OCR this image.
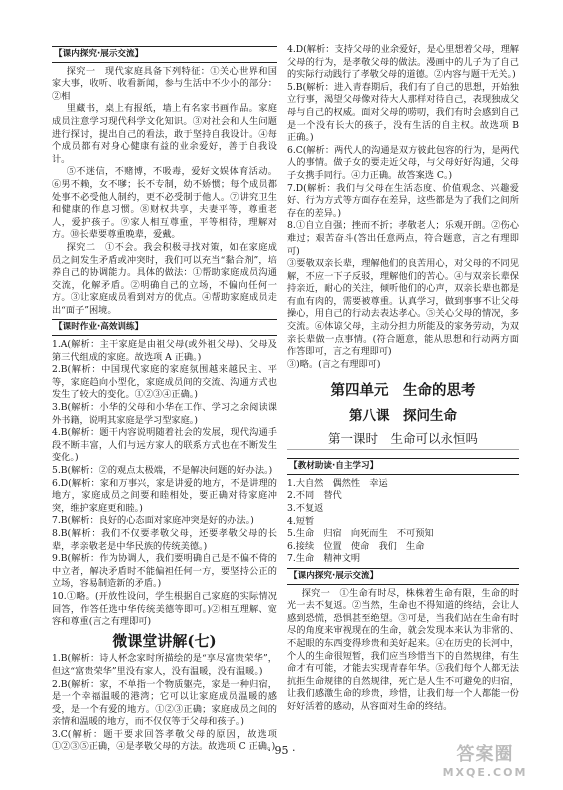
【课内探究·展示交流】

探究一　现代家庭具备下列特征：①关心世界和国家大事，收听、收看新闻，参与生活中不少小的部分：②相

里藏书，桌上有报纸，墙上有名家书画作品。家庭成员注意学习现代科学文化知识。③对社会和人生问题进行探讨，提出自己的看法，敢于坚持自我设计。④每个成员都有对身心健康有益的业余爱好，善于自我设计。

⑤不迷信，不赌博，不吸毒，爱好文娱体育活动。⑥男不赖，女不嗲；长不专制，幼不娇惯；每个成员都处事不必受他人制约，更不必受制于他人。⑦讲究卫生和健康的作息习惯。⑧财权共享，夫妻平等，尊重老人，爱护孩子。⑨家人相互尊重，平等相待，理解对方。⑩长辈要尊重晚辈，爱戴。

探究二　①不会。我会积极寻找对策，如在家庭成员之间发生矛盾或冲突时，我们可以充当“黏合剂”，培养自己的协调能力。具体的做法：①帮助家庭成员沟通交流，化解矛盾。②明确自己的立场，不偏向任何一方。③让家庭成员看到对方的优点。④帮助家庭成员走出“面子”困境。

【课时作业·高效训练】

1.A(解析：主干家庭是由祖父母(或外祖父母)、父母及第三代组成的家庭。故选项 A 正确。)

2.B(解析：中国现代家庭的家庭氛围越来越民主、平等，家庭趋向小型化，家庭成员间的交流、沟通方式也发生了较大的变化。①②③④正确。)

3.B(解析：小华的父母和小华在工作、学习之余阅读课外书籍，说明其家庭是学习型家庭。)

4.B(解析：题干内容说明随着社会的发展，现代沟通手段不断丰富，人们与远方家人的联系方式也在不断发生变化。)

5.B(解析：②的观点太极端，不是解决问题的好办法。)

6.D(解析：家和万事兴，家是讲爱的地方，不是讲理的地方，家庭成员之间要和睦相处，要正确对待家庭冲突，维护家庭更和睦。)

7.B(解析：良好的心态面对家庭冲突是好的办法。)

8.B(解析：我们不仅要孝敬父母，还要孝敬父母的长辈，孝亲敬老是中华民族的传统美德。)

9.B(解析：作为协调人，我们要明确自己是不偏不倚的中立者，解决矛盾时不能偏袒任何一方，要坚持公正的立场，容易制造新的矛盾。)

10.①略。(开放性设问，学生根据自己家庭的实际情况回答，作答任选中华传统美德等即可。)②相互理解、宽容和尊重(言之有理即可)

微课堂讲解(七)

1.B(解析：诗人杯念家时所描绘的是“享尽富贵荣华”，但这“富贵荣华”里没有家人，没有温暖，没有温暖。)

2.B(解析：家，不单指一个物质躯壳，家是一种归宿，是一个幸福温暖的港湾；它可以让家庭成员温暖的感受，是一个有爱的地方。①②③正确；家庭成员之间的亲情和温暖的地方，而不仅仅等于父母和孩子。)

3.C(解析：题干要求回答孝敬父母的原因，故选项①②③⑤正确，④是孝敬父母的方法。故选项 C 正确。)

4.D(解析：支持父母的业余爱好，是心里想着父母，理解父母的行为，是孝敬父母的做法。漫画中的儿子为了自己的实际行动践行了孝敬父母的道德。②内容与题干无关。)

5.B(解析：进入青春期后，我们有了自己的思想，开始独立行事，渴望父母像对待大人那样对待自己，表现独成父母与自己的权威。面对父母的唠叨，我们有时会感到自己是一个没有长大的孩子，没有生活的自主权。故选项 B 正确。)

6.C(解析：两代人的沟通是双方彼此包容的行为，是两代人的事情。做子女的要走近父母，与父母好好沟通，父母子女携手同行。④力正确。故答案选 C。)

7.D(解析：我们与父母在生活态度、价值观念、兴趣爱好、行为方式等方面存在差异，这些都是为了我们之间所存在的差异。)

8.①自立自强；挫而不折；孝敬老人；乐观开朗。②伤心难过；艰苦奋斗(答出任意两点，符合题意，言之有理即可)

③要敬双亲长辈，理解他们的良苦用心，对父母的不同见解，不应一下子反驳，理解他们的苦心。④与双亲长辈保持亲近，耐心的关注，倾听他们的心声，双亲长辈也都是有血有肉的，需要被尊重。认真学习，做到事事不让父母操心，用自己的行动去表达孝心。⑤关心父母的情况，多交流。⑥体谅父母，主动分担力所能及的家务劳动，为双亲长辈做一点事情。(符合题意，能从思想和行动两方面作答即可，言之有理即可)

③)略。(言之有理即可)

第四单元　生命的思考
第八课　探问生命
第一课时　生命可以永恒吗
【教材助读·自主学习】

1.大自然　偶然性　幸运

2.不同　替代

3.不复返

4.短暂

5.生命　归宿　向死而生　不可预知

6.接续　位置　使命　我们　生命

7.生命　精神文明

【课内探究·展示交流】

探究一　①生命有时尽，株株着生命有限，生命的时光一去不复返。②当然，生命也不得知道的终结，会让人感到恐慌，恐惧甚至绝望。③可是，当我们站在生命有时尽的角度来审视现在的生命，就会发现本来认为非常的、不起眼的东西变得珍贵和美好起来。④在历史的长河中，个人的生命很短暂，我们应当珍惜当下的自然规律，有生命才有可能，才能去实现青春年华。⑤我们每个人都无法抗拒生命规律的自然规律，死亡是人生不可避免的归宿，让我们感激生命的珍贵，珍惜，让我们每一个人都能一份好好活着的感动，从容面对生命的终结。

· 95 ·	答案圈
MXQE.COM
